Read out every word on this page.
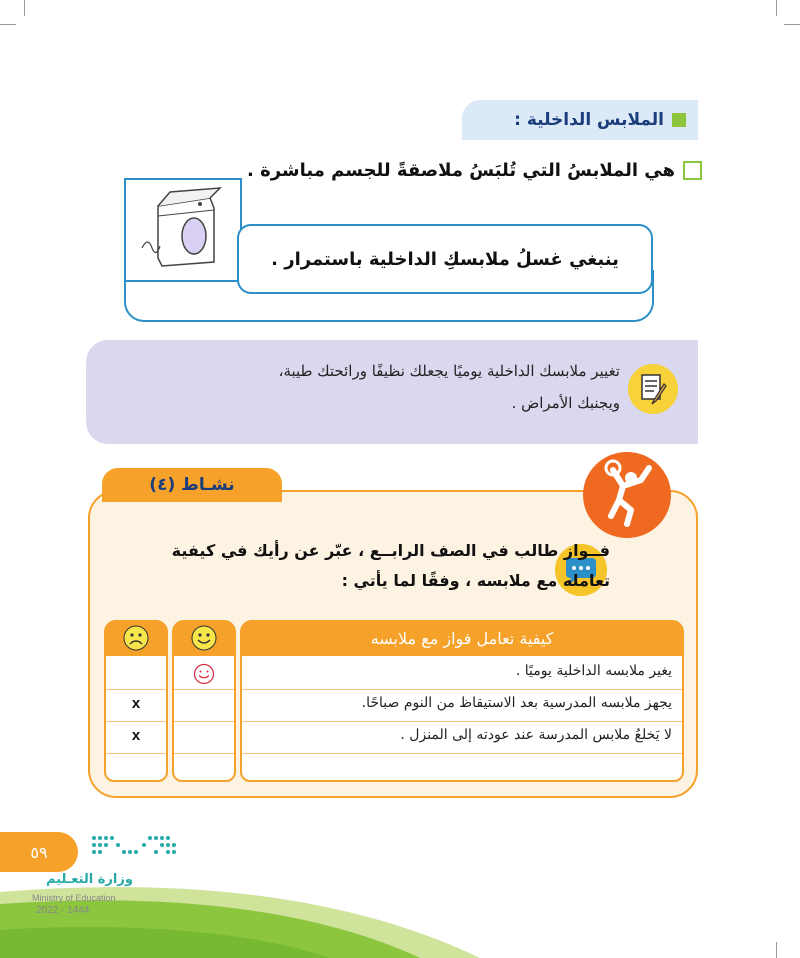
الملابس الداخلية :
هي الملابسُ التي تُلبَسُ ملاصقةً للجسم مباشرة .
ينبغي غسلُ ملابسكِ الداخلية باستمرار .
تغيير ملابسك الداخلية يوميًا يجعلك نظيفًا ورائحتك طيبة،
ويجنبك الأمراض .
نشـاط (٤)
فــواز طالب في الصف الرابــع ، عبّر عن رأيك في كيفية
تعامله مع ملابسه ، وفقًا لما يأتي :
كيفية تعامل فواز مع ملابسه
يغير ملابسه الداخلية يوميًا .
يجهز ملابسه المدرسية بعد الاستيقاظ من النوم صباحًا.
لا يَخلعُ ملابس المدرسة عند عودته إلى المنزل .
x
x
٥٩
وزارة التعـليم
Ministry of Education
2022 - 1444
